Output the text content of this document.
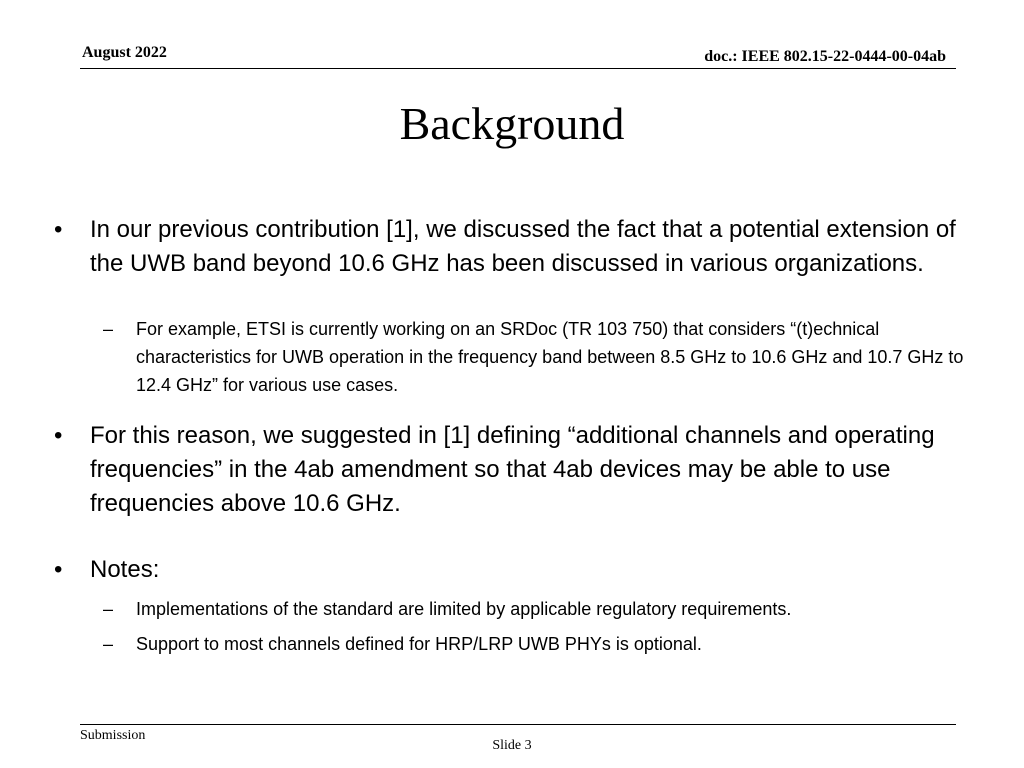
August 2022	doc.: IEEE 802.15-22-0444-00-04ab
Background
• In our previous contribution [1], we discussed the fact that a potential extension of the UWB band beyond 10.6 GHz has been discussed in various organizations.
– For example, ETSI is currently working on an SRDoc (TR 103 750) that considers “(t)echnical characteristics for UWB operation in the frequency band between 8.5 GHz to 10.6 GHz and 10.7 GHz to 12.4 GHz” for various use cases.
• For this reason, we suggested in [1] defining “additional channels and operating frequencies” in the 4ab amendment so that 4ab devices may be able to use frequencies above 10.6 GHz.
• Notes:
– Implementations of the standard are limited by applicable regulatory requirements.
– Support to most channels defined for HRP/LRP UWB PHYs is optional.
Submission
Slide 3
